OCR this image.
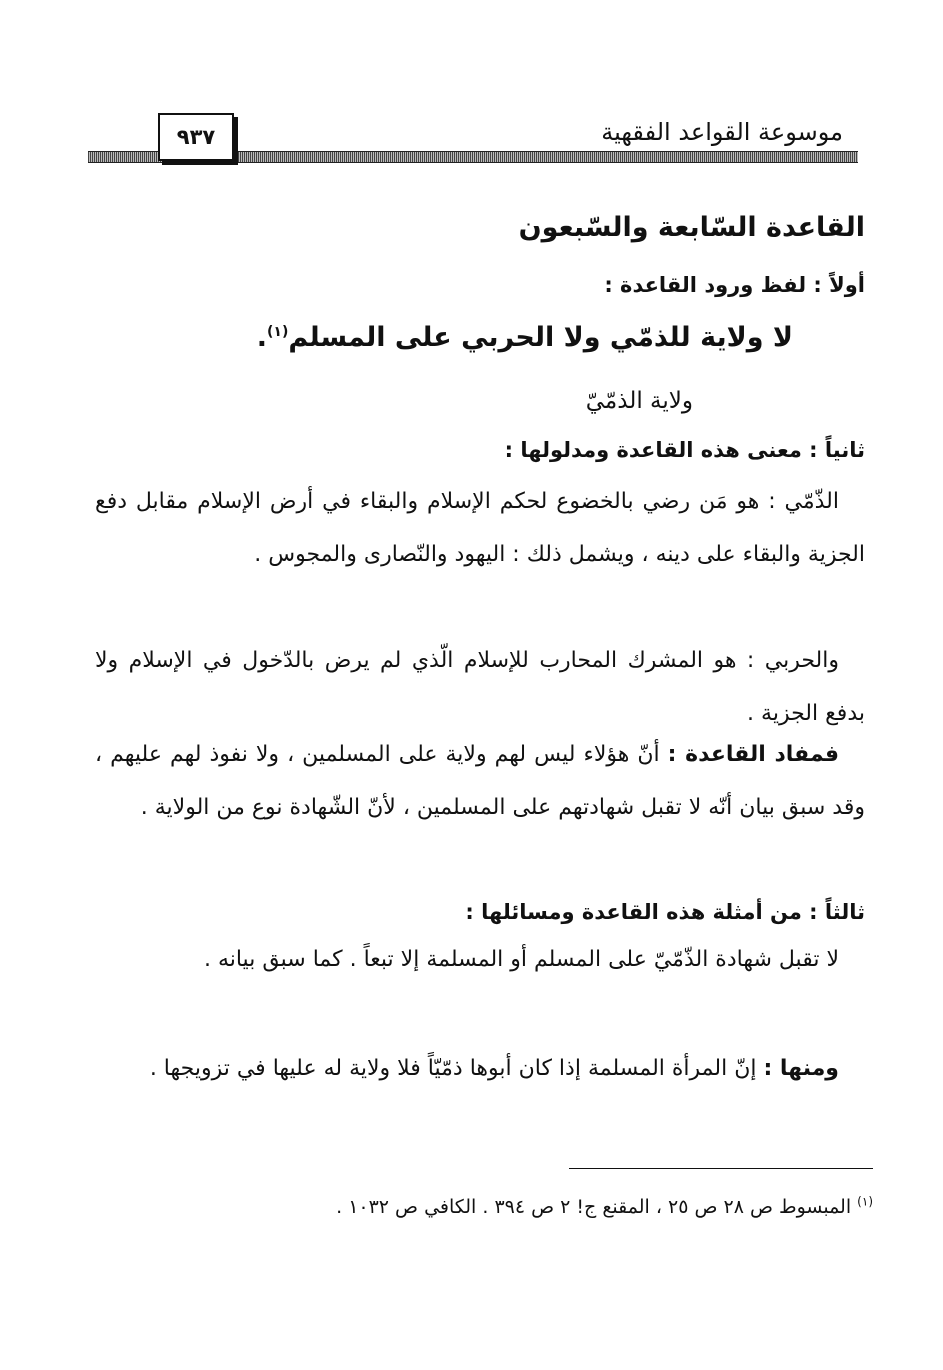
موسوعة القواعد الفقهية
٩٣٧
القاعدة السّابعة والسّبعون
أولاً : لفظ ورود القاعدة :
لا ولاية للذمّي ولا الحربي على المسلم$^{(١)}$.
ولاية الذمّيّ
ثانياً : معنى هذه القاعدة ومدلولها :
الذّمّي : هو مَن رضي بالخضوع لحكم الإسلام والبقاء في أرض الإسلام مقابل دفع الجزية والبقاء على دينه ، ويشمل ذلك : اليهود والنّصارى والمجوس .
والحربي : هو المشرك المحارب للإسلام الّذي لم يرض بالدّخول في الإسلام ولا بدفع الجزية .
فمفاد القاعدة : أنّ هؤلاء ليس لهم ولاية على المسلمين ، ولا نفوذ لهم عليهم ، وقد سبق بيان أنّه لا تقبل شهادتهم على المسلمين ، لأنّ الشّهادة نوع من الولاية .
ثالثاً : من أمثلة هذه القاعدة ومسائلها :
لا تقبل شهادة الذّمّيّ على المسلم أو المسلمة إلا تبعاً . كما سبق بيانه .
ومنها : إنّ المرأة المسلمة إذا كان أبوها ذمّيّاً فلا ولاية له عليها في تزويجها .
$^{(١)}$ المبسوط ص ٢٨ ص ٢٥ ، المقنع ج! ٢ ص ٣٩٤ . الكافي ص ١٠٣٢ .
